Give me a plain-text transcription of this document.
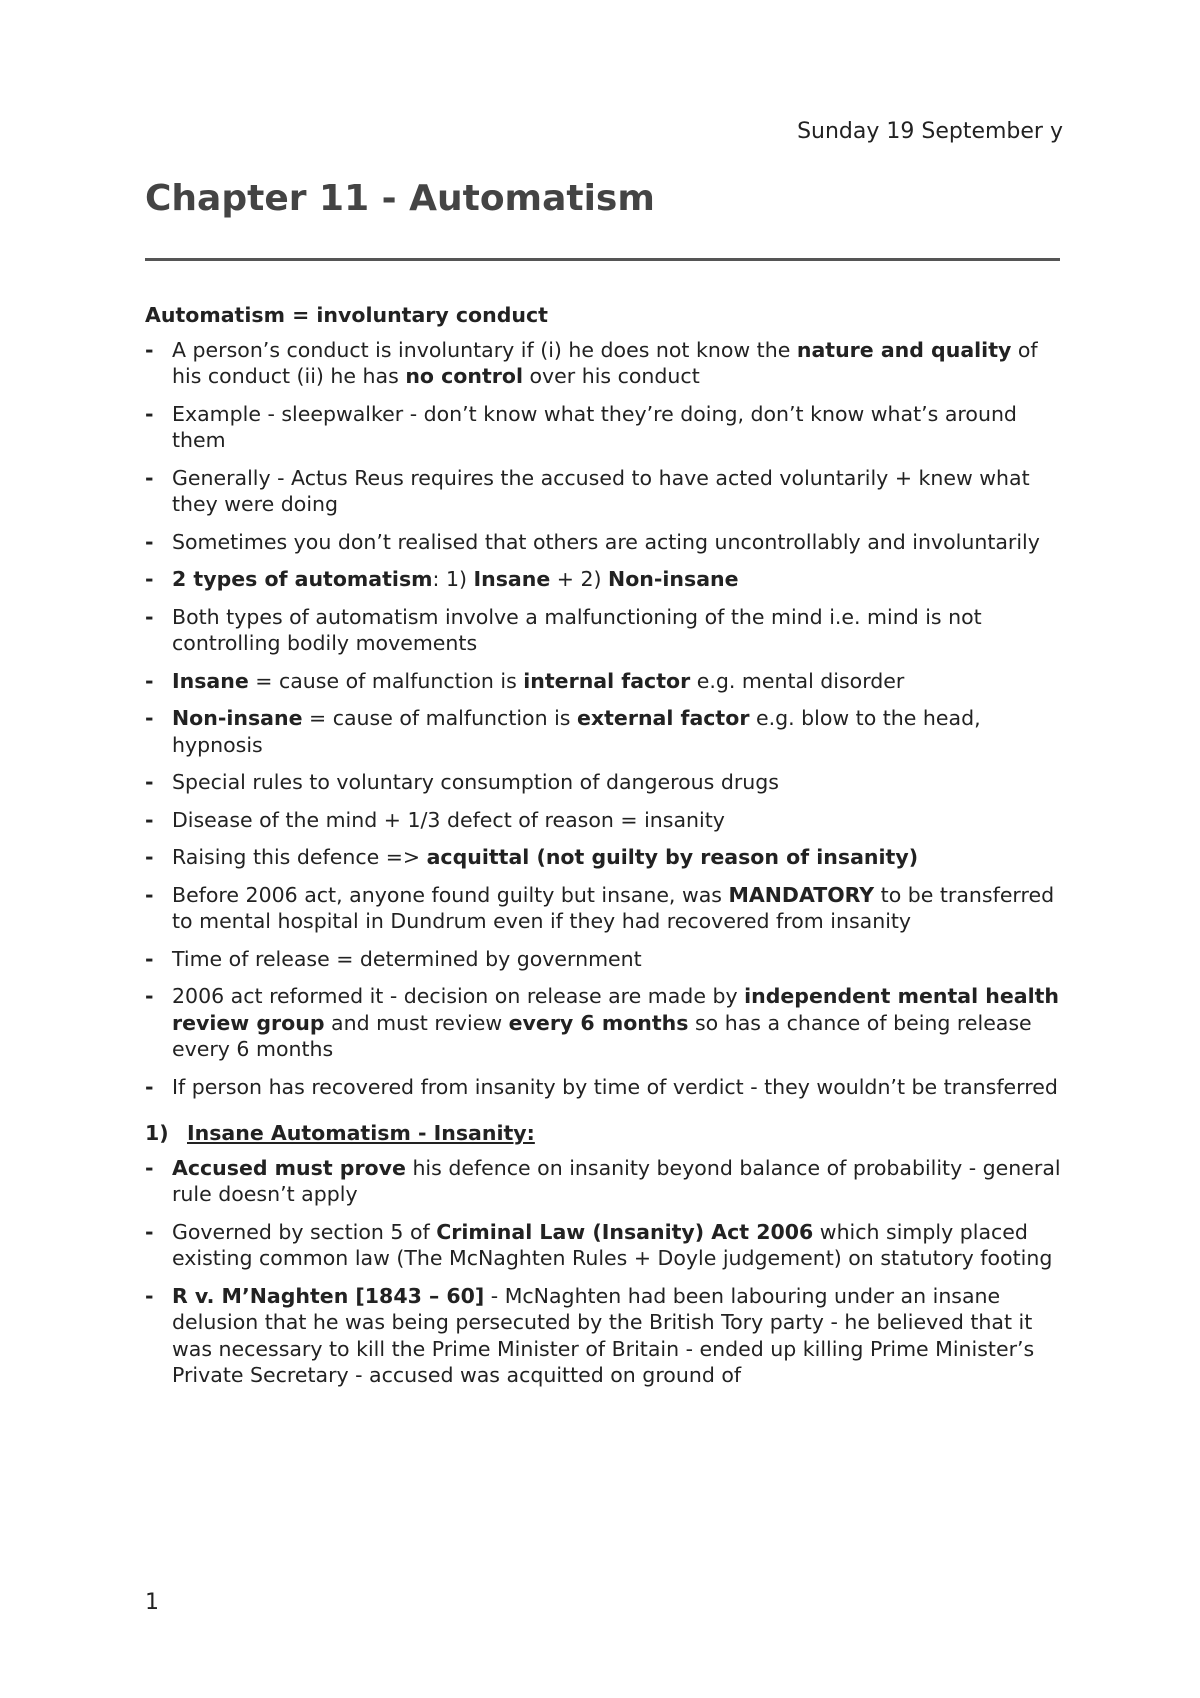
Sunday 19 September y
Chapter 11 - Automatism
Automatism = involuntary conduct
- A person’s conduct is involuntary if (i) he does not know the nature and quality of his conduct (ii) he has no control over his conduct
- Example - sleepwalker - don’t know what they’re doing, don’t know what’s around them
- Generally - Actus Reus requires the accused to have acted voluntarily + knew what they were doing
- Sometimes you don’t realised that others are acting uncontrollably and involuntarily
- 2 types of automatism: 1) Insane + 2) Non-insane
- Both types of automatism involve a malfunctioning of the mind i.e. mind is not controlling bodily movements
- Insane = cause of malfunction is internal factor e.g. mental disorder
- Non-insane = cause of malfunction is external factor e.g. blow to the head, hypnosis
- Special rules to voluntary consumption of dangerous drugs
- Disease of the mind + 1/3 defect of reason = insanity
- Raising this defence => acquittal (not guilty by reason of insanity)
- Before 2006 act, anyone found guilty but insane, was MANDATORY to be transferred to mental hospital in Dundrum even if they had recovered from insanity
- Time of release = determined by government
- 2006 act reformed it - decision on release are made by independent mental health review group and must review every 6 months so has a chance of being release every 6 months
- If person has recovered from insanity by time of verdict - they wouldn’t be transferred
1) Insane Automatism - Insanity:
- Accused must prove his defence on insanity beyond balance of probability - general rule doesn’t apply
- Governed by section 5 of Criminal Law (Insanity) Act 2006 which simply placed existing common law (The McNaghten Rules + Doyle judgement) on statutory footing
- R v. M’Naghten [1843 – 60] - McNaghten had been labouring under an insane delusion that he was being persecuted by the British Tory party - he believed that it was necessary to kill the Prime Minister of Britain - ended up killing Prime Minister’s Private Secretary - accused was acquitted on ground of
1
